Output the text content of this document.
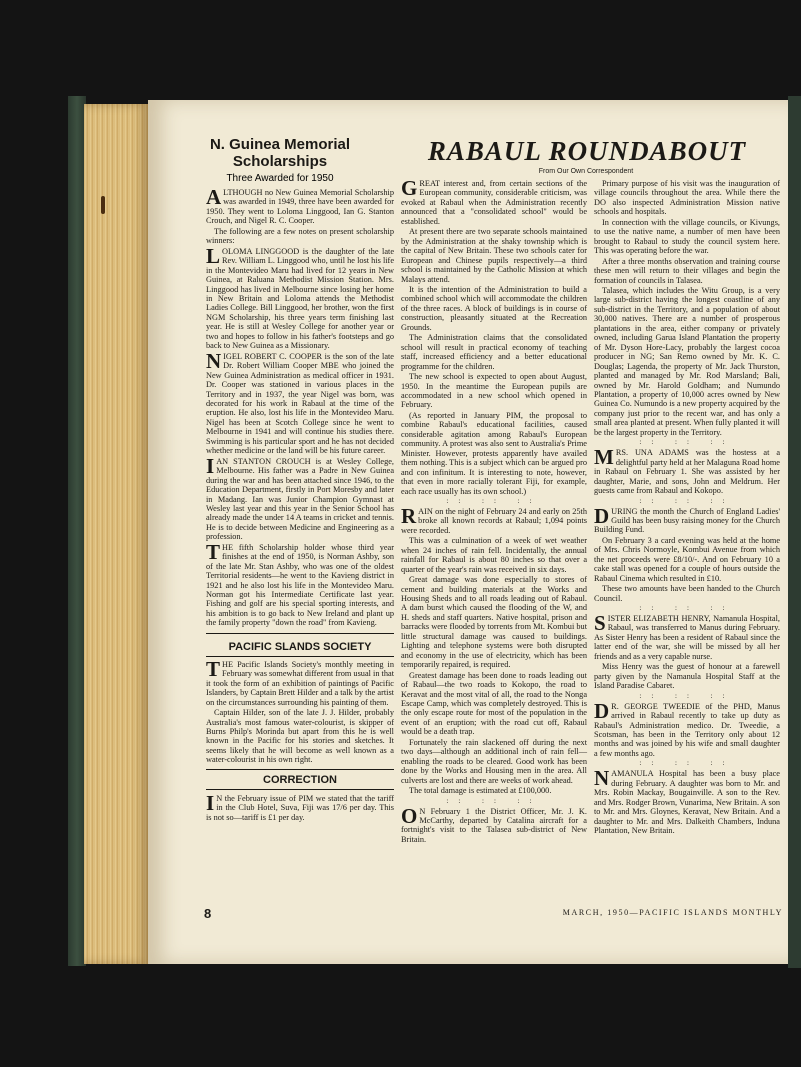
N. Guinea Memorial
Scholarships
Three Awarded for 1950

ALTHOUGH no New Guinea Memorial Scholarship was awarded in 1949, three have been awarded for 1950. They went to Loloma Linggood, Ian G. Stanton Crouch, and Nigel R. C. Cooper.

The following are a few notes on present scholarship winners:

LOLOMA LINGGOOD is the daughter of the late Rev. William L. Linggood who, until he lost his life in the Montevideo Maru had lived for 12 years in New Guinea, at Raluana Methodist Mission Station. Mrs. Linggood has lived in Melbourne since losing her home in New Britain and Loloma attends the Methodist Ladies College. Bill Linggood, her brother, won the first NGM Scholarship, his three years term finishing last year. He is still at Wesley College for another year or two and hopes to follow in his father's footsteps and go back to New Guinea as a Missionary.

NIGEL ROBERT C. COOPER is the son of the late Dr. Robert William Cooper MBE who joined the New Guinea Administration as medical officer in 1931. Dr. Cooper was stationed in various places in the Territory and in 1937, the year Nigel was born, was decorated for his work in Rabaul at the time of the eruption. He also, lost his life in the Montevideo Maru. Nigel has been at Scotch College since he went to Melbourne in 1941 and will continue his studies there. Swimming is his particular sport and he has not decided whether medicine or the land will be his future career.

IAN STANTON CROUCH is at Wesley College, Melbourne. His father was a Padre in New Guinea during the war and has been attached since 1946, to the Education Department, firstly in Port Moresby and later in Madang. Ian was Junior Champion Gymnast at Wesley last year and this year in the Senior School has already made the under 14 A teams in cricket and tennis. He is to decide between Medicine and Engineering as a profession.

THE fifth Scholarship holder whose third year finishes at the end of 1950, is Norman Ashby, son of the late Mr. Stan Ashby, who was one of the oldest Territorial residents—he went to the Kavieng district in 1921 and he also lost his life in the Montevideo Maru. Norman got his Intermediate Certificate last year. Fishing and golf are his special sporting interests, and his ambition is to go back to New Ireland and plant up the family property "down the road" from Kavieng.

PACIFIC SLANDS SOCIETY

THE Pacific Islands Society's monthly meeting in February was somewhat different from usual in that it took the form of an exhibition of paintings of Pacific Islanders, by Captain Brett Hilder and a talk by the artist on the circumstances surrounding his painting of them.

Captain Hilder, son of the late J. J. Hilder, probably Australia's most famous water-colourist, is skipper of Burns Philp's Morinda but apart from this he is well known in the Pacific for his stories and sketches. It seems likely that he will become as well known as a water-colourist in his own right.

CORRECTION

I N the February issue of PIM we stated that the tariff in the Club Hotel, Suva, Fiji was 17/6 per day. This is not so—tariff is £1 per day.

RABAUL ROUNDABOUT
From Our Own Correspondent

GREAT interest and, from certain sections of the European community, considerable criticism, was evoked at Rabaul when the Administration recently announced that a "consolidated school" would be established.

At present there are two separate schools maintained by the Administration at the shaky township which is the capital of New Britain. These two schools cater for European and Chinese pupils respectively—a third school is maintained by the Catholic Mission at which Malays attend.

It is the intention of the Administration to build a combined school which will accommodate the children of the three races. A block of buildings is in course of construction, pleasantly situated at the Recreation Grounds.

The Administration claims that the consolidated school will result in practical economy of teaching staff, increased efficiency and a better educational programme for the children.

The new school is expected to open about August, 1950. In the meantime the European pupils are accommodated in a new school which opened in February.

(As reported in January PIM, the proposal to combine Rabaul's educational facilities, caused considerable agitation among Rabaul's European community. A protest was also sent to Australia's Prime Minister. However, protests apparently have availed them nothing. This is a subject which can be argued pro and con infinitum. It is interesting to note, however, that even in more racially tolerant Fiji, for example, each race usually has its own school.)

:: :: ::

RAIN on the night of February 24 and early on 25th broke all known records at Rabaul; 1,094 points were recorded.

This was a culmination of a week of wet weather when 24 inches of rain fell. Incidentally, the annual rainfall for Rabaul is about 80 inches so that over a quarter of the year's rain was received in six days.

Great damage was done especially to stores of cement and building materials at the Works and Housing Sheds and to all roads leading out of Rabaul. A dam burst which caused the flooding of the W, and H. sheds and staff quarters. Native hospital, prison and barracks were flooded by torrents from Mt. Kombui but little structural damage was caused to buildings. Lighting and telephone systems were both disrupted and economy in the use of electricity, which has been temporarily repaired, is required.

Greatest damage has been done to roads leading out of Rabaul—the two roads to Kokopo, the road to Keravat and the most vital of all, the road to the Nonga Escape Camp, which was completely destroyed. This is the only escape route for most of the population in the event of an eruption; with the road cut off, Rabaul would be a death trap.

Fortunately the rain slackened off during the next two days—although an additional inch of rain fell—enabling the roads to be cleared. Good work has been done by the Works and Housing men in the area. All culverts are lost and there are weeks of work ahead.

The total damage is estimated at £100,000.

:: :: ::

O N February 1 the District Officer, Mr. J. K. McCarthy, departed by Catalina aircraft for a fortnight's visit to the Talasea sub-district of New Britain.

Primary purpose of his visit was the inauguration of village councils throughout the area. While there the DO also inspected Administration Mission native schools and hospitals.

In connection with the village councils, or Kivungs, to use the native name, a number of men have been brought to Rabaul to study the council system here. This was operating before the war.

After a three months observation and training course these men will return to their villages and begin the formation of councils in Talasea.

Talasea, which includes the Witu Group, is a very large sub-district having the longest coastline of any sub-district in the Territory, and a population of about 30,000 natives. There are a number of prosperous plantations in the area, either company or privately owned, including Garua Island Plantation the property of Mr. Dyson Hore-Lacy, probably the largest cocoa producer in NG; San Remo owned by Mr. K. C. Douglas; Lagenda, the property of Mr. Jack Thurston, planted and managed by Mr. Rod Marsland; Bali, owned by Mr. Harold Goldham; and Numundo Plantation, a property of 10,000 acres owned by New Guinea Co. Numundo is a new property acquired by the company just prior to the recent war, and has only a small area planted at present. When fully planted it will be the largest property in the Territory.

:: :: ::

MRS. UNA ADAMS was the hostess at a delightful party held at her Malaguna Road home in Rabaul on February 1. She was assisted by her daughter, Marie, and sons, John and Meldrum. Her guests came from Rabaul and Kokopo.

:: :: ::

DURING the month the Church of England Ladies' Guild has been busy raising money for the Church Building Fund.

On February 3 a card evening was held at the home of Mrs. Chris Normoyle, Kombui Avenue from which the net proceeds were £8/10/-. And on February 10 a cake stall was opened for a couple of hours outside the Rabaul Cinema which resulted in £10.

These two amounts have been handed to the Church Council.

:: :: ::

SISTER ELIZABETH HENRY, Namanula Hospital, Rabaul, was transferred to Manus during February. As Sister Henry has been a resident of Rabaul since the latter end of the war, she will be missed by all her friends and as a very capable nurse.

Miss Henry was the guest of honour at a farewell party given by the Namanula Hospital Staff at the Island Paradise Cabaret.

:: :: ::

D R. GEORGE TWEEDIE of the PHD, Manus arrived in Rabaul recently to take up duty as Rabaul's Administration medico. Dr. Tweedie, a Scotsman, has been in the Territory only about 12 months and was joined by his wife and small daughter a few months ago.

:: :: ::

NAMANULA Hospital has been a busy place during February. A daughter was born to Mr. and Mrs. Robin Mackay, Bougainville. A son to the Rev. and Mrs. Rodger Brown, Vunarima, New Britain. A son to Mr. and Mrs. Gloynes, Keravat, New Britain. And a daughter to Mr. and Mrs. Dalkeith Chambers, Induna Plantation, New Britain.

8	MARCH, 1950—PACIFIC ISLANDS MONTHLY
